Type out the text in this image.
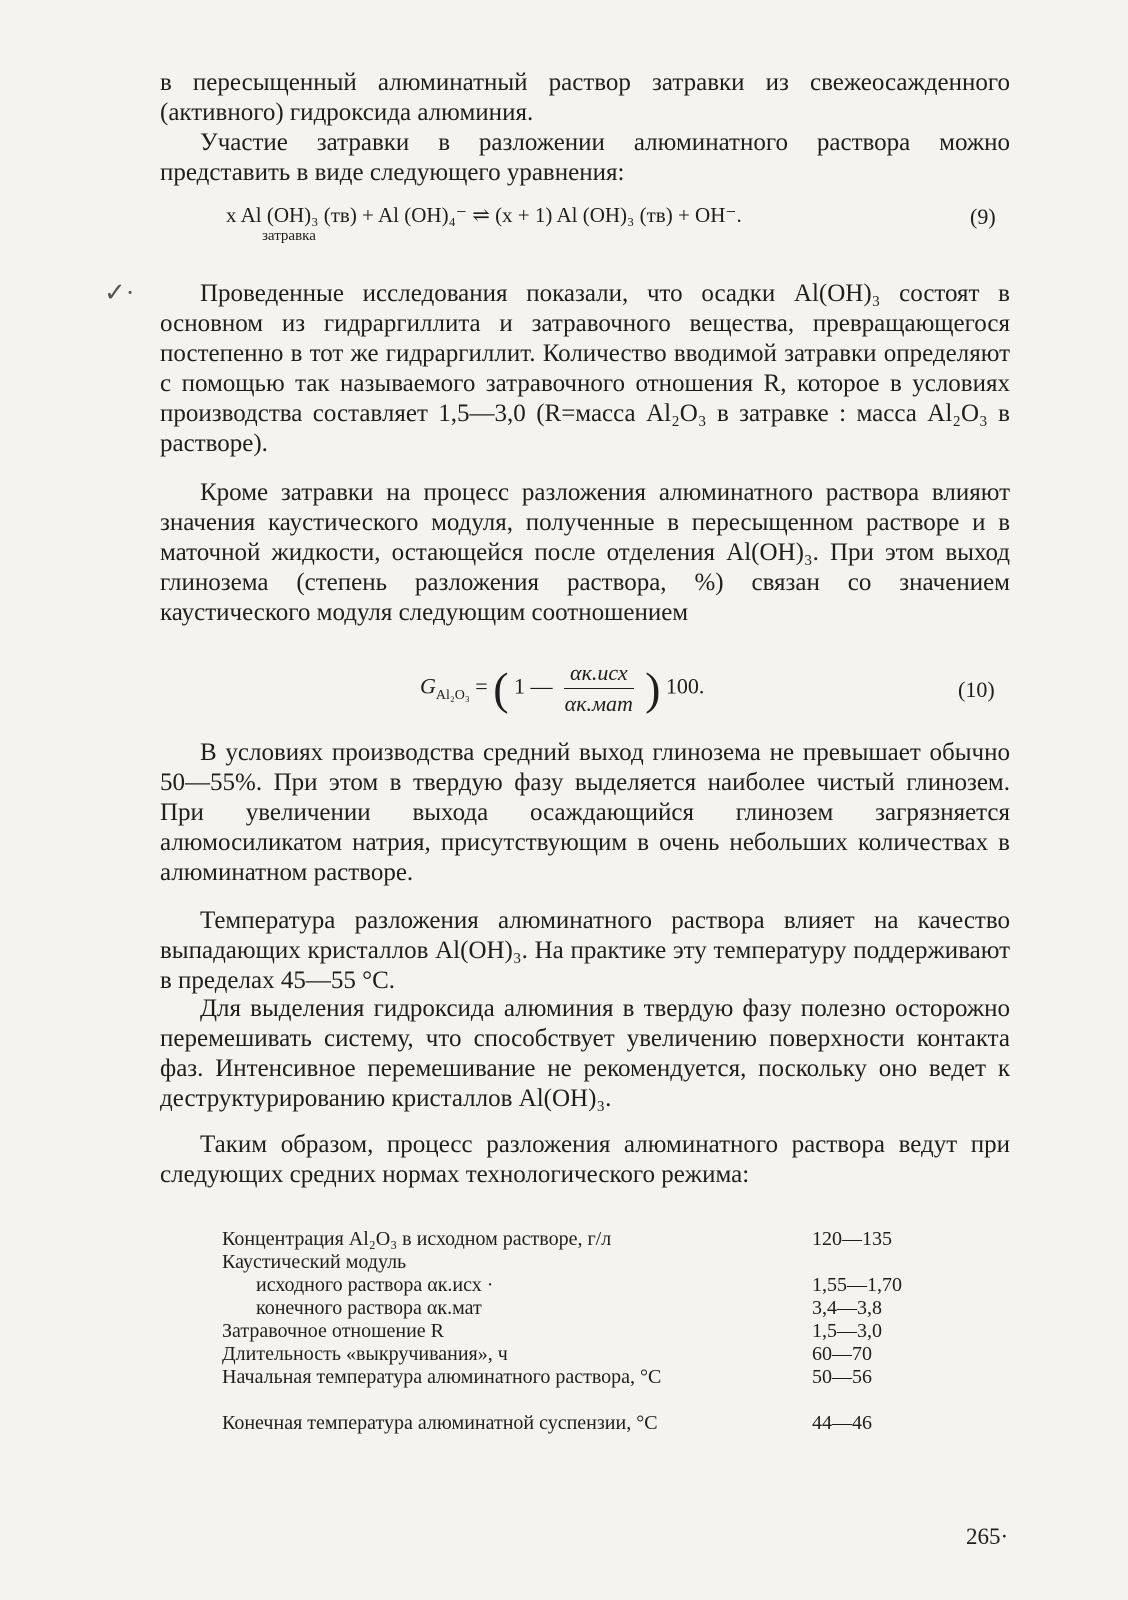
в пересыщенный алюминатный раствор затравки из свежеосажденного (активного) гидроксида алюминия.

Участие затравки в разложении алюминатного раствора можно представить в виде следующего уравнения:

x Al (OH)₃ (тв) + Al (OH)₄⁻ ⇌ (x + 1) Al (OH)₃ (тв) + OH⁻.
затравка
(9)
✓·	Проведенные исследования показали, что осадки Al(OH)₃ состоят в основном из гидраргиллита и затравочного вещества, превращающегося постепенно в тот же гидраргиллит. Количество вводимой затравки определяют с помощью так называемого затравочного отношения R, которое в условиях производства составляет 1,5—3,0 (R=масса Al₂O₃ в затравке : масса Al₂O₃ в растворе).

Кроме затравки на процесс разложения алюминатного раствора влияют значения каустического модуля, полученные в пересыщенном растворе и в маточной жидкости, остающейся после отделения Al(OH)₃. При этом выход глинозема (степень разложения раствора, %) связан со значением каустического модуля следующим соотношением

$G_{Al_2O_3}$ = ( 1 — $\frac{\text{αк.исх}}{\text{αк.мат}}$ ) 100.	(10)

В условиях производства средний выход глинозема не превышает обычно 50—55%. При этом в твердую фазу выделяется наиболее чистый глинозем. При увеличении выхода осаждающийся глинозем загрязняется алюмосиликатом натрия, присутствующим в очень небольших количествах в алюминатном растворе.

Температура разложения алюминатного раствора влияет на качество выпадающих кристаллов Al(OH)₃. На практике эту температуру поддерживают в пределах 45—55 °С.

Для выделения гидроксида алюминия в твердую фазу полезно осторожно перемешивать систему, что способствует увеличению поверхности контакта фаз. Интенсивное перемешивание не рекомендуется, поскольку оно ведет к деструктурированию кристаллов Al(OH)₃.

Таким образом, процесс разложения алюминатного раствора ведут при следующих средних нормах технологического режима:

Концентрация Al₂O₃ в исходном растворе, г/л	120—135
Каустический модуль
исходного раствора αк.исх ·	1,55—1,70
конечного раствора αк.мат	3,4—3,8
Затравочное отношение R	1,5—3,0
Длительность «выкручивания», ч	60—70
Начальная температура алюминатного раствора, °С	50—56
Конечная температура алюминатной суспензии, °С	44—46
265·
